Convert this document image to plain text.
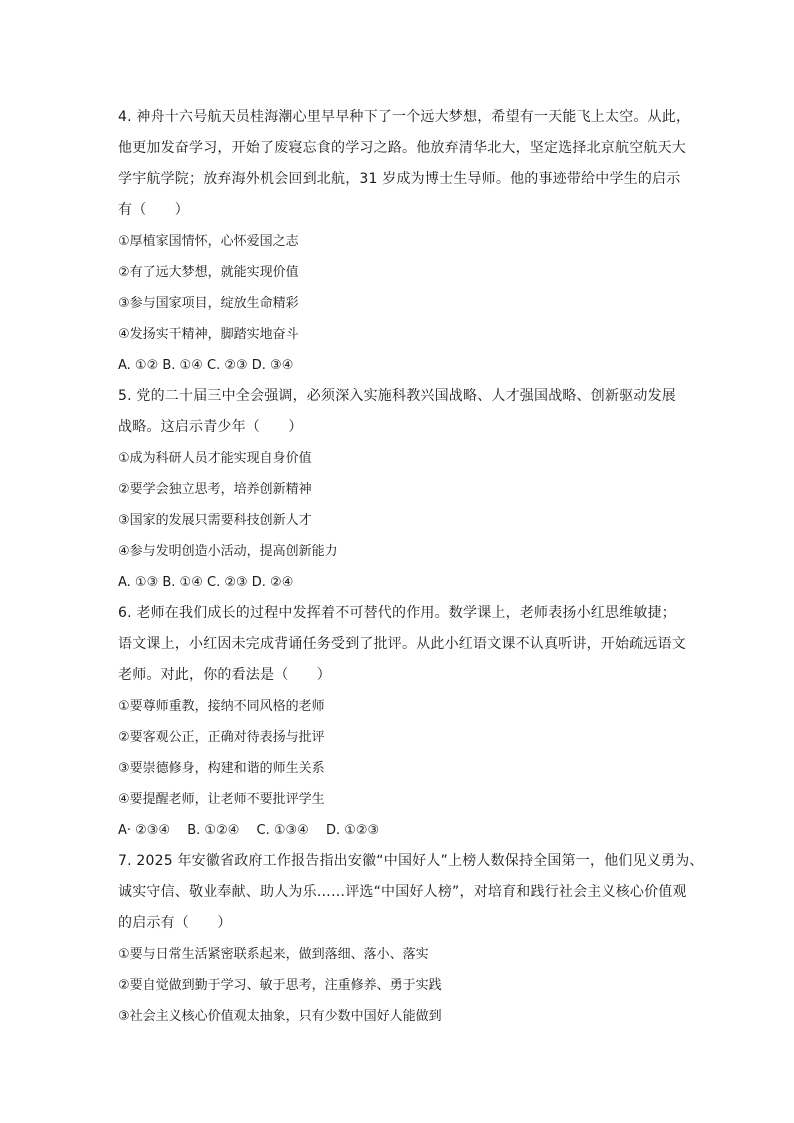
4. 神舟十六号航天员桂海潮心里早早种下了一个远大梦想，希望有一天能飞上太空。从此，
他更加发奋学习，开始了废寝忘食的学习之路。他放弃清华北大，坚定选择北京航空航天大
学宇航学院；放弃海外机会回到北航，31 岁成为博士生导师。他的事迹带给中学生的启示
有（　　）
①厚植家国情怀，心怀爱国之志
②有了远大梦想，就能实现价值
③参与国家项目，绽放生命精彩
④发扬实干精神，脚踏实地奋斗
A. ①② B. ①④ C. ②③ D. ③④
5. 党的二十届三中全会强调，必须深入实施科教兴国战略、人才强国战略、创新驱动发展
战略。这启示青少年（　　）
①成为科研人员才能实现自身价值
②要学会独立思考，培养创新精神
③国家的发展只需要科技创新人才
④参与发明创造小活动，提高创新能力
A. ①③ B. ①④ C. ②③ D. ②④
6. 老师在我们成长的过程中发挥着不可替代的作用。数学课上，老师表扬小红思维敏捷；
语文课上，小红因未完成背诵任务受到了批评。从此小红语文课不认真听讲，开始疏远语文
老师。对此，你的看法是（　　）
①要尊师重教，接纳不同风格的老师
②要客观公正，正确对待表扬与批评
③要崇德修身，构建和谐的师生关系
④要提醒老师，让老师不要批评学生
A· ②③④　 B. ①②④　 C. ①③④　 D. ①②③
7. 2025 年安徽省政府工作报告指出安徽“中国好人”上榜人数保持全国第一，他们见义勇为、
诚实守信、敬业奉献、助人为乐……评选“中国好人榜”，对培育和践行社会主义核心价值观
的启示有（　　）
①要与日常生活紧密联系起来，做到落细、落小、落实
②要自觉做到勤于学习、敏于思考，注重修养、勇于实践
③社会主义核心价值观太抽象，只有少数中国好人能做到
